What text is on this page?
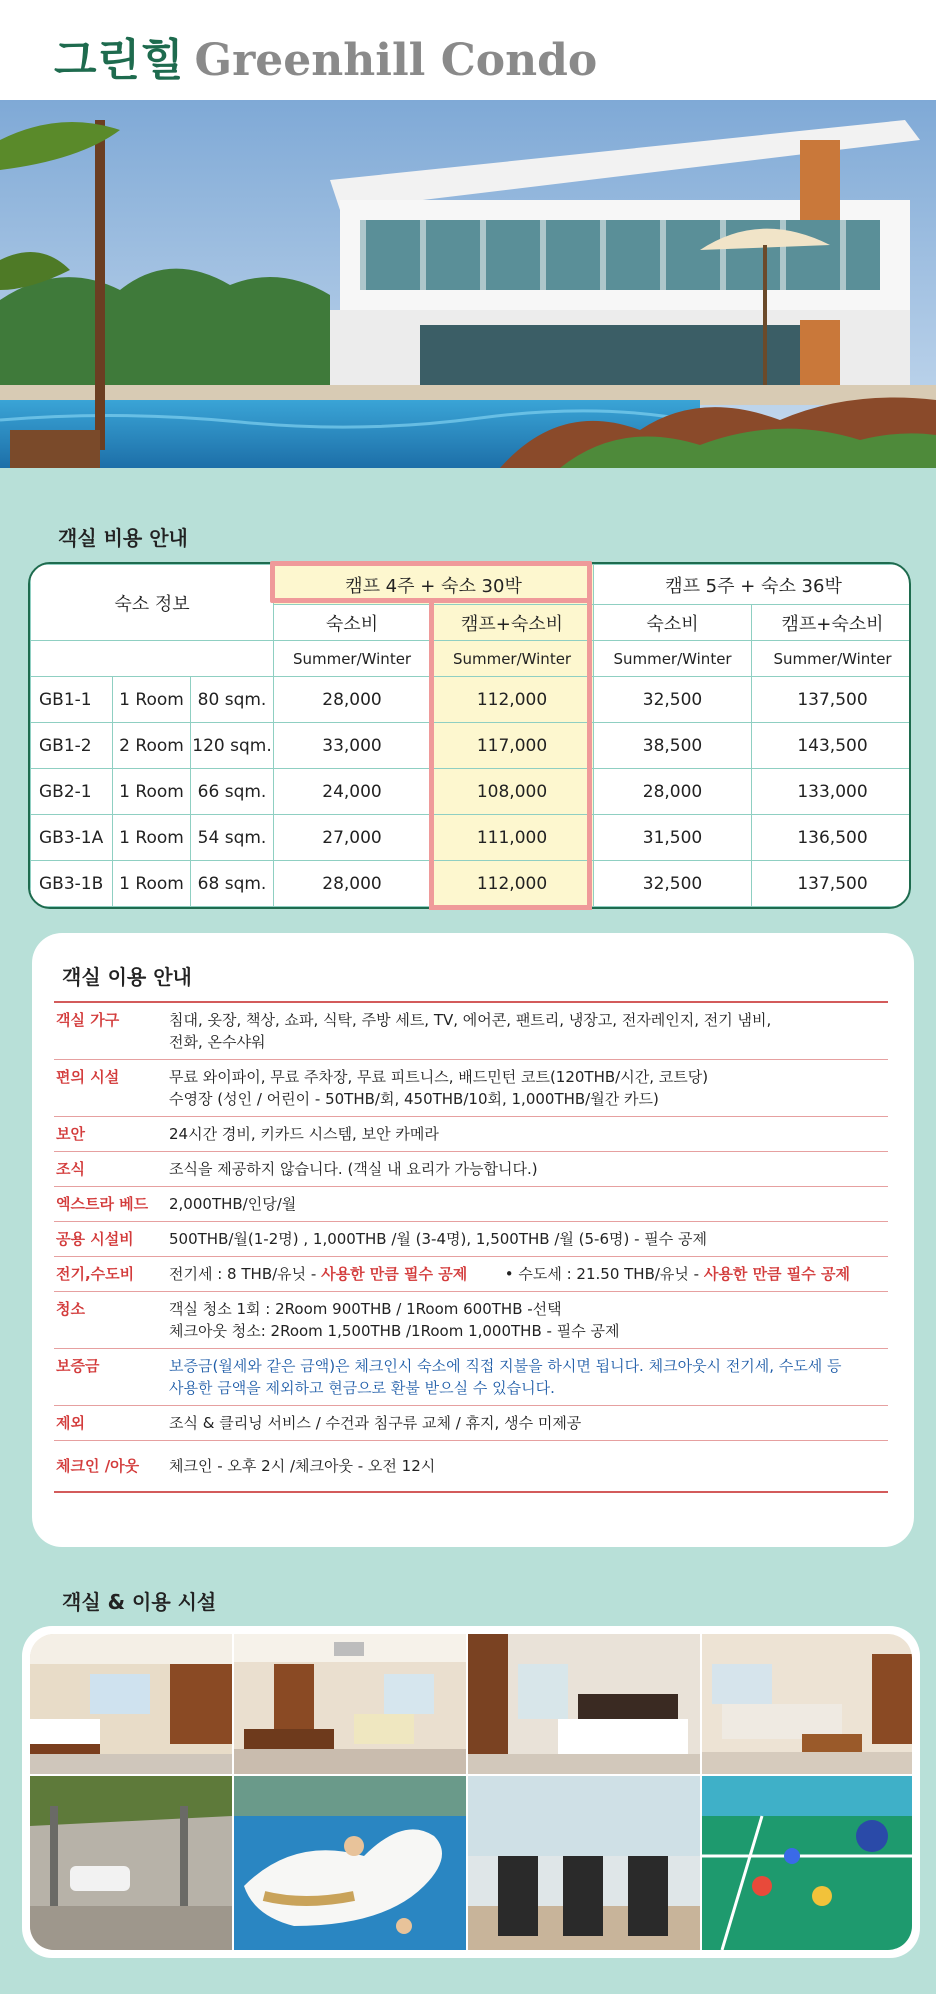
그린힐 Greenhill Condo
객실 비용 안내
숙소 정보			캠프 4주 + 숙소 30박		캠프 5주 + 숙소 36박	
			숙소비	캠프+숙소비	숙소비	캠프+숙소비
			Summer/Winter	Summer/Winter	Summer/Winter	Summer/Winter
GB1-1	1 Room	80 sqm.	28,000	112,000	32,500	137,500
GB1-2	2 Room	120 sqm.	33,000	117,000	38,500	143,500
GB2-1	1 Room	66 sqm.	24,000	108,000	28,000	133,000
GB3-1A	1 Room	54 sqm.	27,000	111,000	31,500	136,500
GB3-1B	1 Room	68 sqm.	28,000	112,000	32,500	137,500
객실 이용 안내
객실 가구	침대, 옷장, 책상, 쇼파, 식탁, 주방 세트, TV, 에어콘, 팬트리, 냉장고, 전자레인지, 전기 냄비,
전화, 온수샤워
편의 시설	무료 와이파이, 무료 주차장, 무료 피트니스, 배드민턴 코트(120THB/시간, 코트당)
수영장 (성인 / 어린이 - 50THB/회, 450THB/10회, 1,000THB/월간 카드)
보안	24시간 경비, 키카드 시스템, 보안 카메라
조식	조식을 제공하지 않습니다. (객실 내 요리가 가능합니다.)
엑스트라 베드	2,000THB/인당/월
공용 시설비	500THB/월(1-2명) , 1,000THB /월 (3-4명), 1,500THB /월 (5-6명) - 필수 공제
전기,수도비	전기세 : 8 THB/유닛 - 사용한 만큼 필수 공제	• 수도세 : 21.50 THB/유닛 - 사용한 만큼 필수 공제
청소	객실 청소 1회 : 2Room 900THB / 1Room 600THB -선택
체크아웃 청소: 2Room 1,500THB /1Room 1,000THB - 필수 공제
보증금	보증금(월세와 같은 금액)은 체크인시 숙소에 직접 지불을 하시면 됩니다. 체크아웃시 전기세, 수도세 등
사용한 금액을 제외하고 현금으로 환불 받으실 수 있습니다.
제외	조식 & 클리닝 서비스 / 수건과 침구류 교체 / 휴지, 생수 미제공
체크인 /아웃	체크인 - 오후 2시 /체크아웃 - 오전 12시
객실 & 이용 시설
